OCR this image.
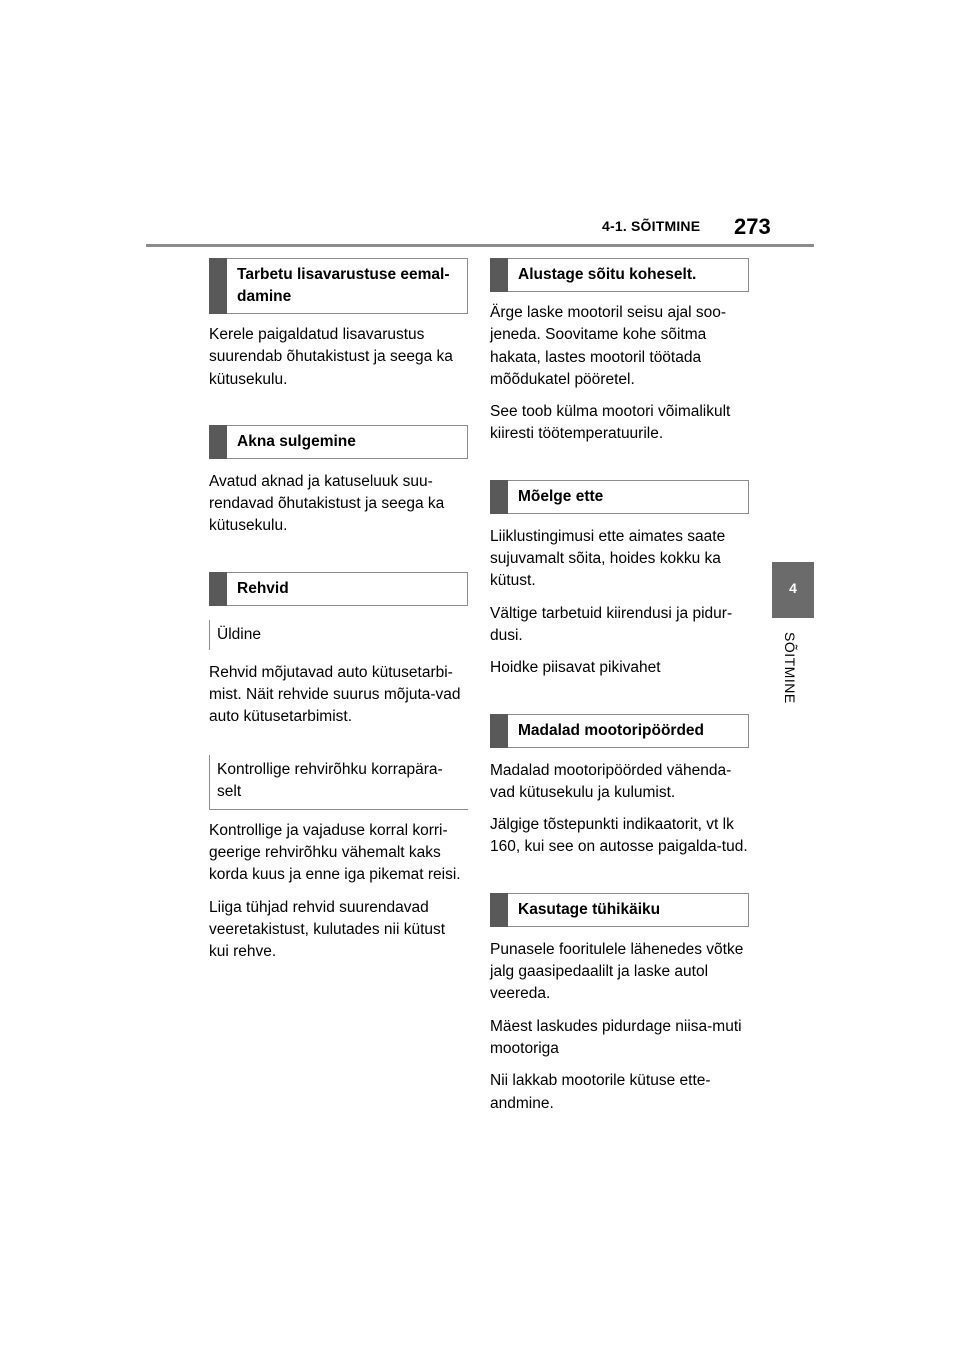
4-1. SÕITMINE 273
4
SÕITMINE
Tarbetu lisavarustuse eemal-damine

Kerele paigaldatud lisavarustus suurendab õhutakistust ja seega ka kütusekulu.

Akna sulgemine

Avatud aknad ja katuseluuk suu-rendavad õhutakistust ja seega ka kütusekulu.

Rehvid
Üldine

Rehvid mõjutavad auto kütusetarbi-mist. Näit rehvide suurus mõjuta-vad auto kütusetarbimist.

Kontrollige rehvirõhku korrapära-selt

Kontrollige ja vajaduse korral korri-geerige rehvirõhku vähemalt kaks korda kuus ja enne iga pikemat reisi.

Liiga tühjad rehvid suurendavad veeretakistust, kulutades nii kütust kui rehve.

Alustage sõitu koheselt.

Ärge laske mootoril seisu ajal soo-jeneda. Soovitame kohe sõitma hakata, lastes mootoril töötada mõõdukatel pööretel.

See toob külma mootori võimalikult kiiresti töötemperatuurile.

Mõelge ette

Liiklustingimusi ette aimates saate sujuvamalt sõita, hoides kokku ka kütust.

Vältige tarbetuid kiirendusi ja pidur-dusi.

Hoidke piisavat pikivahet

Madalad mootoripöörded

Madalad mootoripöörded vähenda-vad kütusekulu ja kulumist.

Jälgige tõstepunkti indikaatorit, vt lk 160, kui see on autosse paigalda-tud.

Kasutage tühikäiku

Punasele fooritulele lähenedes võtke jalg gaasipedaalilt ja laske autol veereda.

Mäest laskudes pidurdage niisa-muti mootoriga

Nii lakkab mootorile kütuse ette-andmine.
